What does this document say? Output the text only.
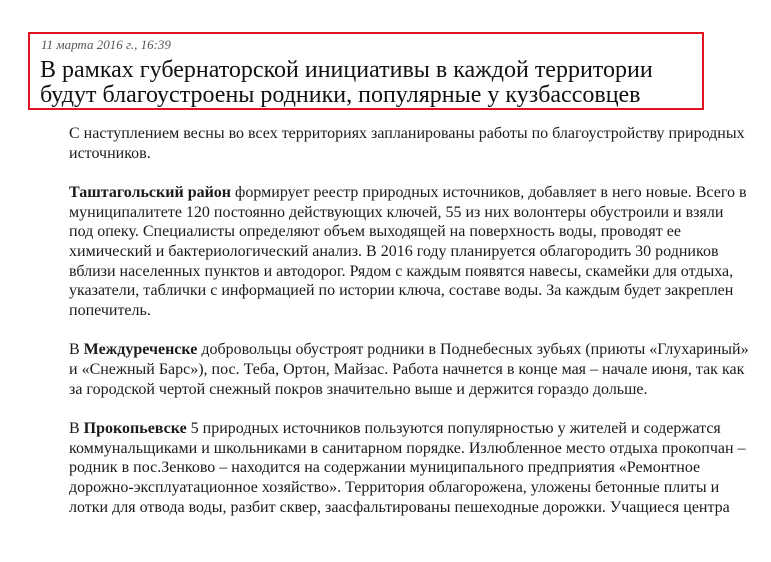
11 марта 2016 г., 16:39
В рамках губернаторской инициативы в каждой территории будут благоустроены родники, популярные у кузбассовцев

С наступлением весны во всех территориях запланированы работы по благоустройству природных источников.

Таштагольский район формирует реестр природных источников, добавляет в него новые. Всего в муниципалитете 120 постоянно действующих ключей, 55 из них волонтеры обустроили и взяли под опеку. Специалисты определяют объем выходящей на поверхность воды, проводят ее химический и бактериологический анализ. В 2016 году планируется облагородить 30 родников вблизи населенных пунктов и автодорог. Рядом с каждым появятся навесы, скамейки для отдыха, указатели, таблички с информацией по истории ключа, составе воды. За каждым будет закреплен попечитель.

В Междуреченске добровольцы обустроят родники в Поднебесных зубьях (приюты «Глухариный» и «Снежный Барс»), пос. Теба, Ортон, Майзас. Работа начнется в конце мая – начале июня, так как за городской чертой снежный покров значительно выше и держится гораздо дольше.

В Прокопьевске 5 природных источников пользуются популярностью у жителей и содержатся коммунальщиками и школьниками в санитарном порядке. Излюбленное место отдыха прокопчан – родник в пос.Зенково – находится на содержании муниципального предприятия «Ремонтное дорожно-эксплуатационное хозяйство». Территория облагорожена, уложены бетонные плиты и лотки для отвода воды, разбит сквер, заасфальтированы пешеходные дорожки. Учащиеся центра
